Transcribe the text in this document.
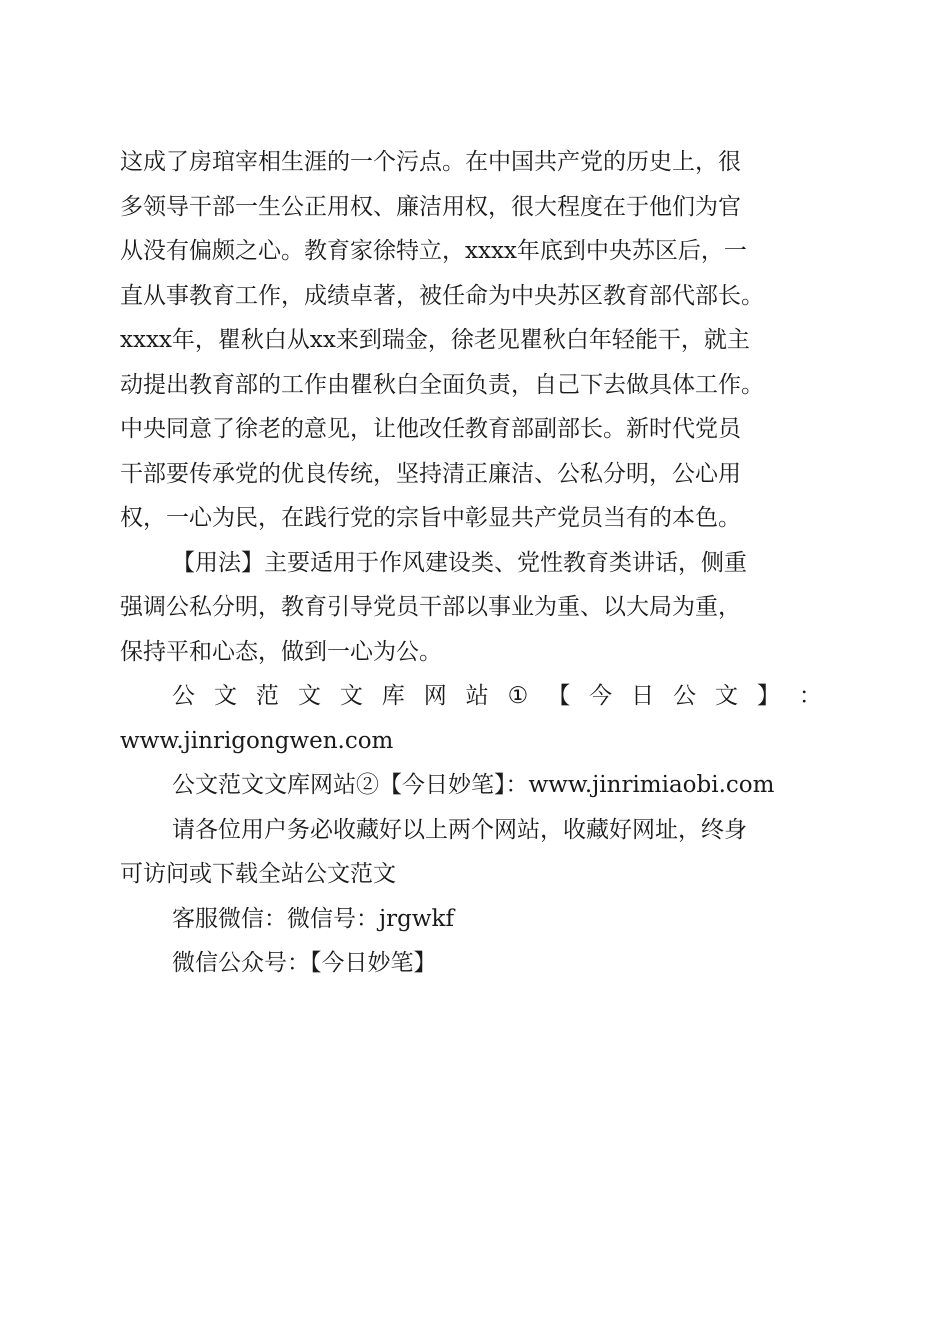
这成了房琯宰相生涯的一个污点。在中国共产党的历史上，很
多领导干部一生公正用权、廉洁用权，很大程度在于他们为官
从没有偏颇之心。教育家徐特立，xxxx年底到中央苏区后，一
直从事教育工作，成绩卓著，被任命为中央苏区教育部代部长。
xxxx年，瞿秋白从xx来到瑞金，徐老见瞿秋白年轻能干，就主
动提出教育部的工作由瞿秋白全面负责，自己下去做具体工作。
中央同意了徐老的意见，让他改任教育部副部长。新时代党员
干部要传承党的优良传统，坚持清正廉洁、公私分明，公心用
权，一心为民，在践行党的宗旨中彰显共产党员当有的本色。
【用法】主要适用于作风建设类、党性教育类讲话，侧重
强调公私分明，教育引导党员干部以事业为重、以大局为重，
保持平和心态，做到一心为公。
公 文 范 文 文 库 网 站 ① 【 今 日 公 文 】 ：
www.jinrigongwen.com
公文范文文库网站②【今日妙笔】：www.jinrimiaobi.com
请各位用户务必收藏好以上两个网站，收藏好网址，终身
可访问或下载全站公文范文
客服微信：微信号：jrgwkf
微信公众号：【今日妙笔】
